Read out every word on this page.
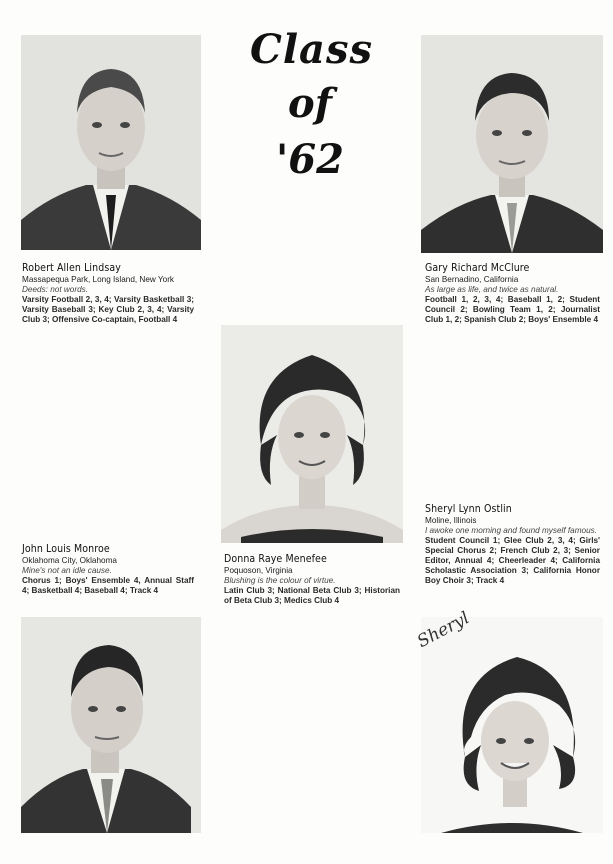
Class
of
'62
Sheryl
Robert Allen Lindsay
Massapequa Park, Long Island, New York
Deeds: not words.
Varsity Football 2, 3, 4; Varsity Basketball 3; Varsity Baseball 3; Key Club 2, 3, 4; Varsity Club 3; Offensive Co-captain, Football 4
Gary Richard McClure
San Bernadino, California
As large as life, and twice as natural.
Football 1, 2, 3, 4; Baseball 1, 2; Student Council 2; Bowling Team 1, 2; Journalist Club 1, 2; Spanish Club 2; Boys' Ensemble 4
Sheryl Lynn Ostlin
Moline, Illinois
I awoke one morning and found myself famous.
Student Council 1; Glee Club 2, 3, 4; Girls' Special Chorus 2; French Club 2, 3; Senior Editor, Annual 4; Cheerleader 4; California Scholastic Association 3; California Honor Boy Choir 3; Track 4
John Louis Monroe
Oklahoma City, Oklahoma
Mine's not an idle cause.
Chorus 1; Boys' Ensemble 4, Annual Staff 4; Basketball 4; Baseball 4; Track 4
Donna Raye Menefee
Poquoson, Virginia
Blushing is the colour of virtue.
Latin Club 3; National Beta Club 3; Historian of Beta Club 3; Medics Club 4
